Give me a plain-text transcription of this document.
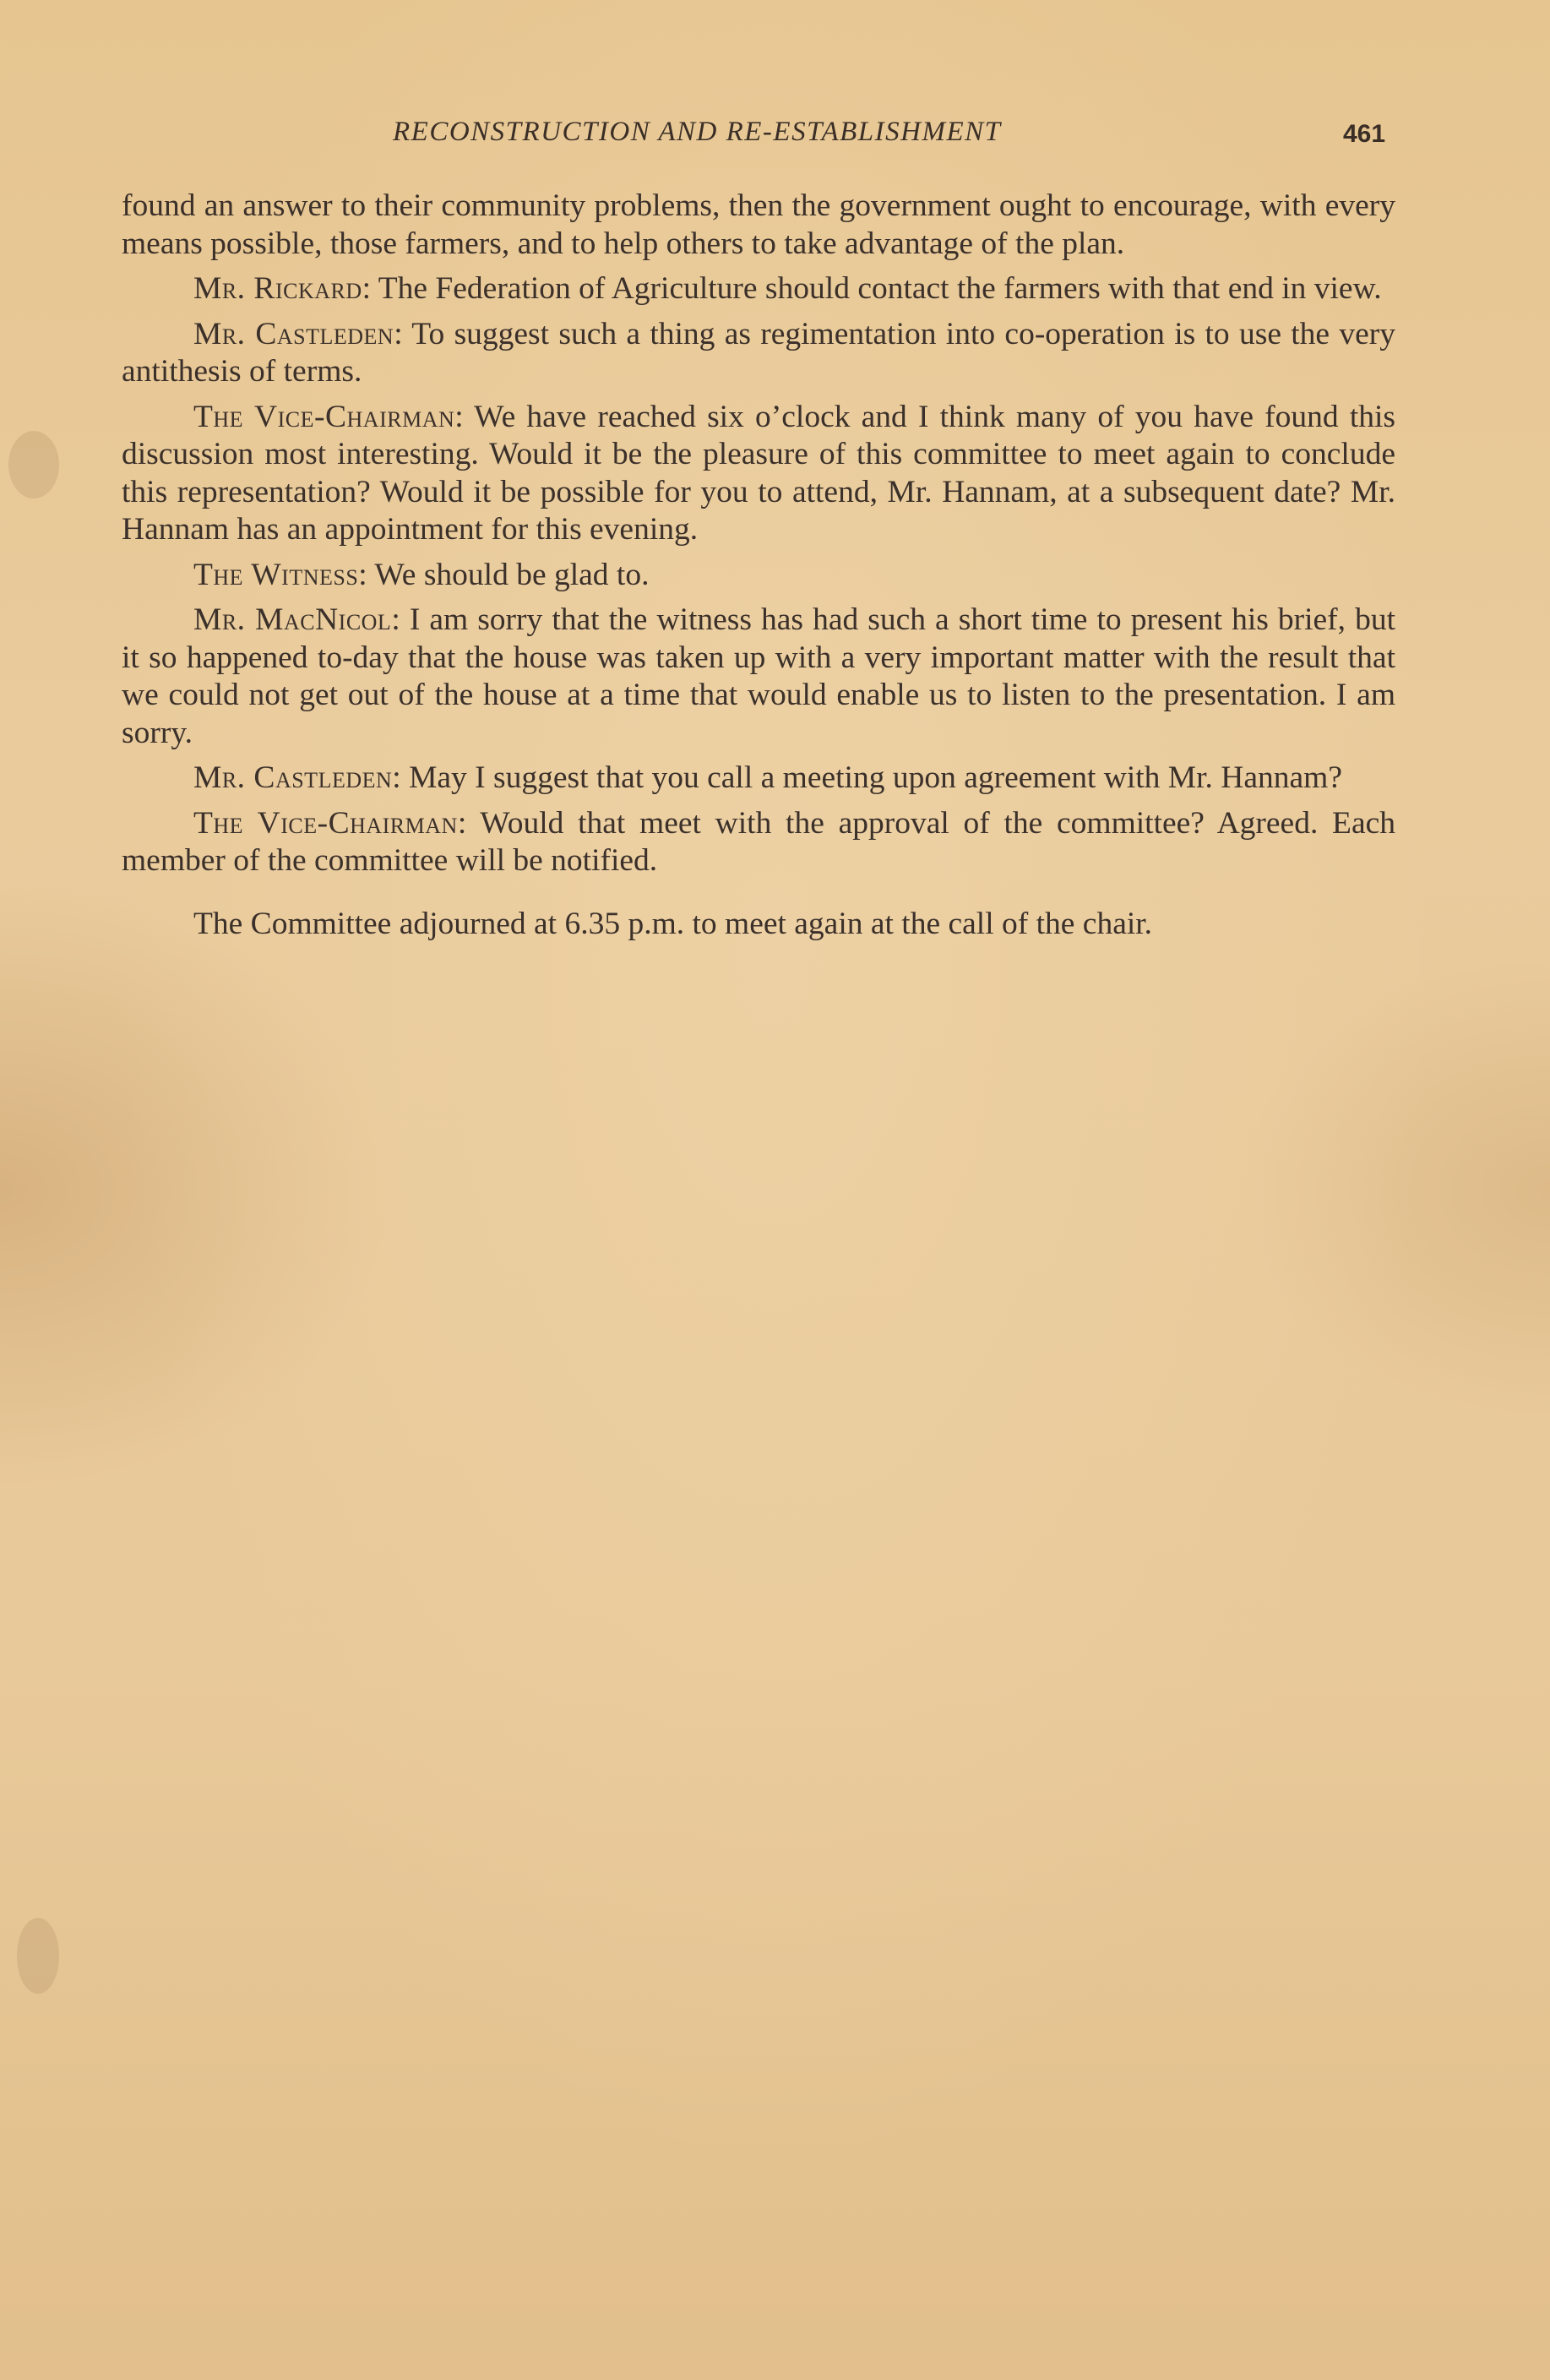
RECONSTRUCTION AND RE-ESTABLISHMENT	461

found an answer to their community problems, then the government ought to encourage, with every means possible, those farmers, and to help others to take advantage of the plan.

Mr. Rickard: The Federation of Agriculture should contact the farmers with that end in view.

Mr. Castleden: To suggest such a thing as regimentation into co-operation is to use the very antithesis of terms.

The Vice-Chairman: We have reached six o’clock and I think many of you have found this discussion most interesting. Would it be the pleasure of this committee to meet again to conclude this representation? Would it be possible for you to attend, Mr. Hannam, at a subsequent date? Mr. Hannam has an appointment for this evening.

The Witness: We should be glad to.

Mr. MacNicol: I am sorry that the witness has had such a short time to present his brief, but it so happened to-day that the house was taken up with a very important matter with the result that we could not get out of the house at a time that would enable us to listen to the presentation. I am sorry.

Mr. Castleden: May I suggest that you call a meeting upon agreement with Mr. Hannam?

The Vice-Chairman: Would that meet with the approval of the committee? Agreed. Each member of the committee will be notified.

The Committee adjourned at 6.35 p.m. to meet again at the call of the chair.
